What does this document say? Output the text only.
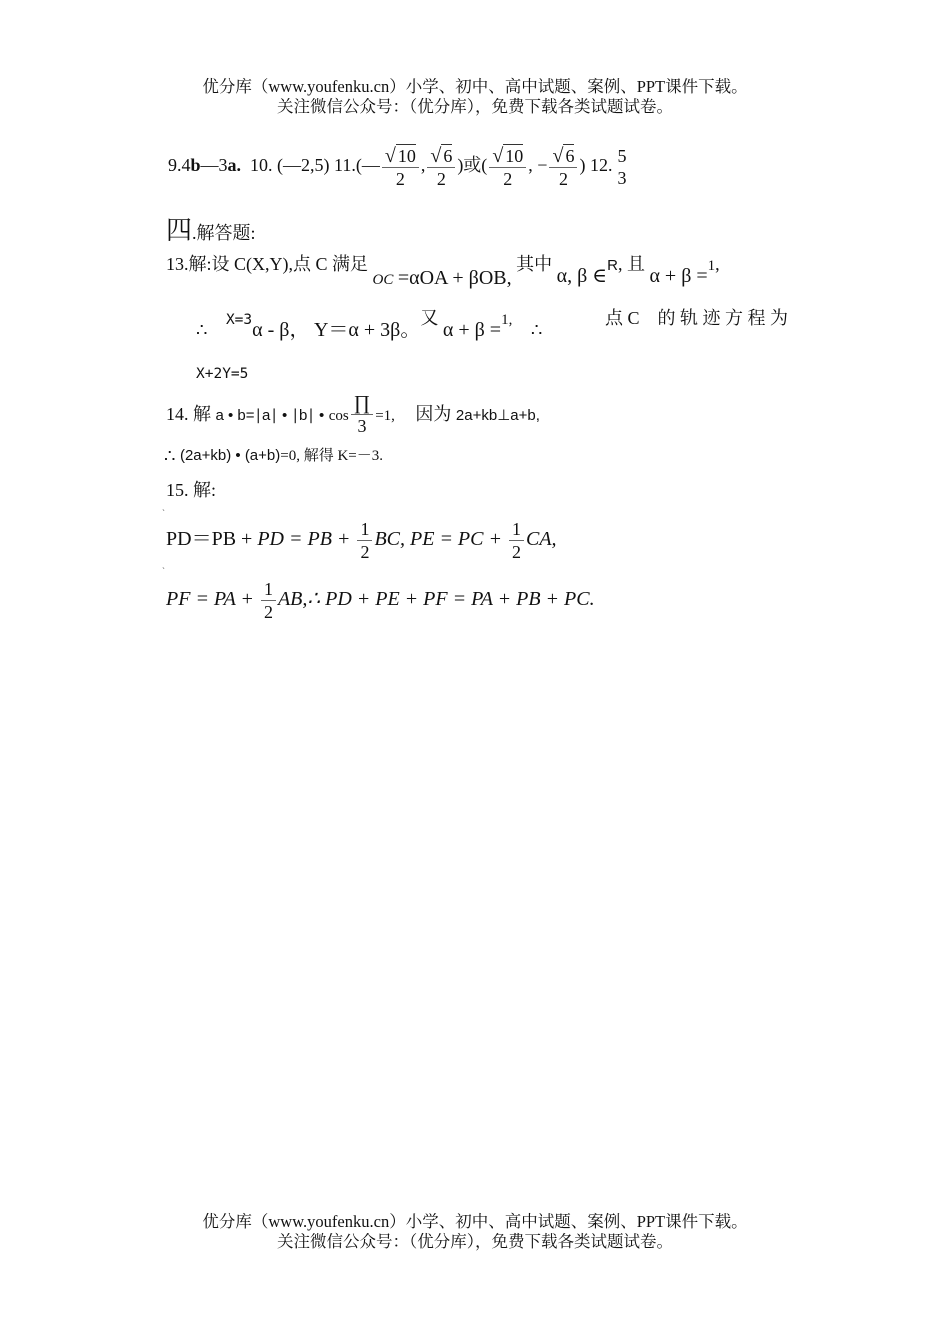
优分库（www.youfenku.cn）小学、初中、高中试题、案例、PPT课件下载。
关注微信公众号：（优分库），免费下载各类试题试卷。
9.4b—3a. 10. (—2,5) 11.(— $\frac{√ 10}{2}$ , $\frac{√ 6}{2}$ )或( $\frac{√ 10}{2}$ , − $\frac{√ 6}{2}$ ) 12. 5
3
四.解答题:
13.解:设 C(X,Y),点 C 满足 $_{OC}$ =αOA + βOB, 其中 α, β ∈R, 且 α + β =1,
∴ X=3α - β， Y＝α + 3β。又 α + β =1, ∴
点 C　的 轨 迹 方 程 为
X+2Y=5
14. 解 a • b=∣a∣ • ∣b∣ • $\cos \frac{\prod}{3} =1$, 因为 2a+kb⊥a+b,
∴ (2a+kb) • (a+b)=0, 解得 K=－3.
15. 解:
ˋ
PD＝PB + PD = PB + $\frac{1}{2}$ BC, PE = PC + $\frac{1}{2}$ CA,
ˋ
PF = PA + $\frac{1}{2}$ AB,∴ PD + PE + PF = PA + PB + PC.
优分库（www.youfenku.cn）小学、初中、高中试题、案例、PPT课件下载。
关注微信公众号：（优分库），免费下载各类试题试卷。
